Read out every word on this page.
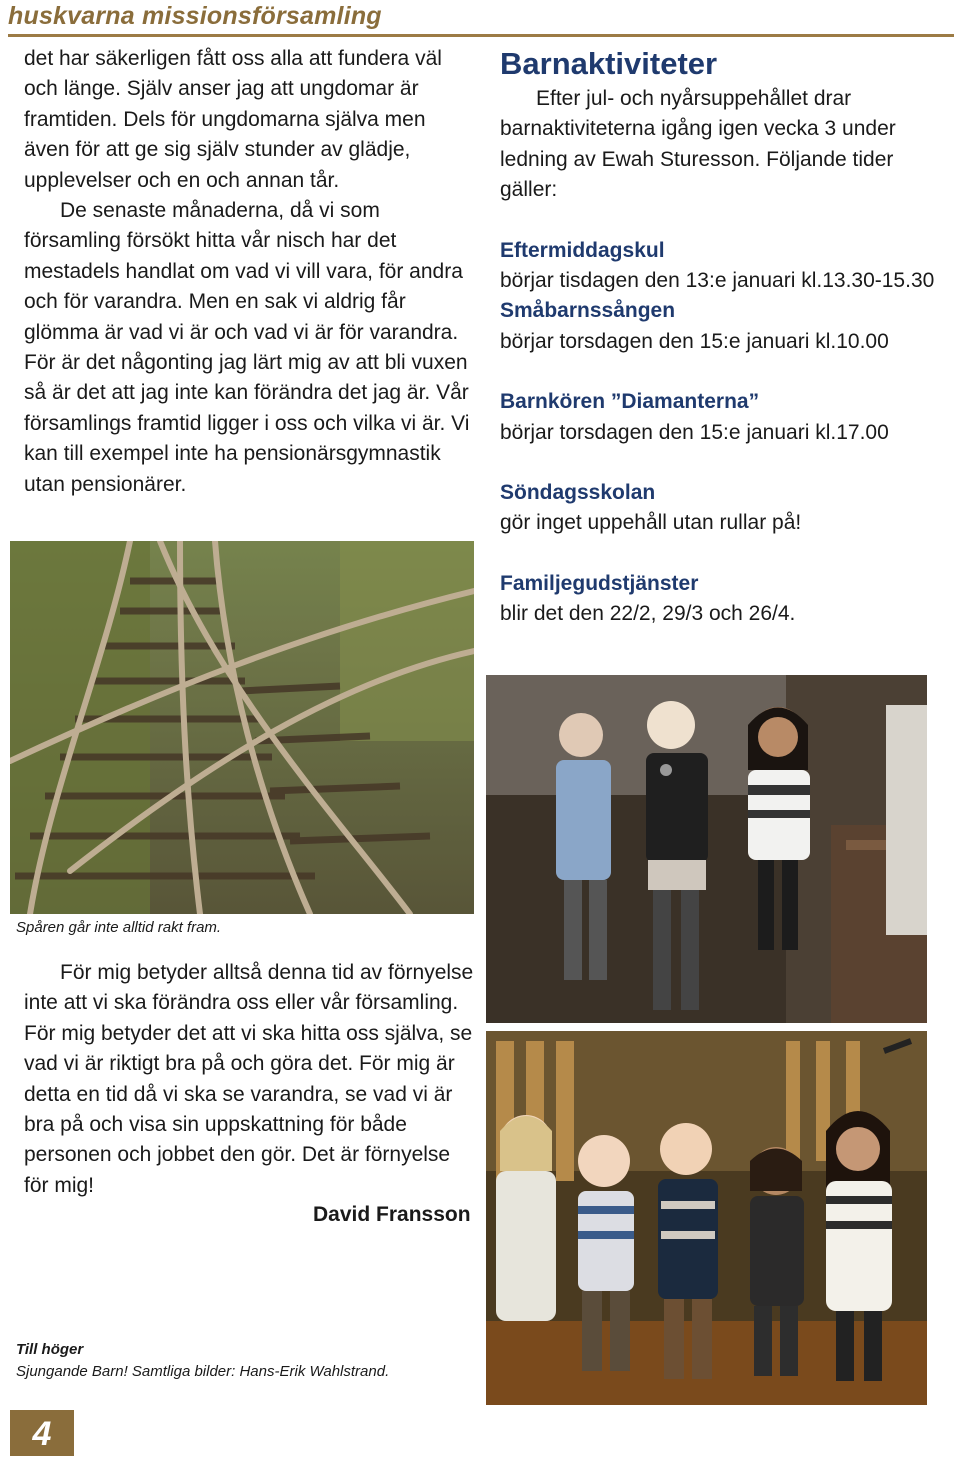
huskvarna missionsförsamling

det har säkerligen fått oss alla att fundera väl och länge. Själv anser jag att ungdomar är framtiden. Dels för ungdomarna själva men även för att ge sig själv stunder av glädje, upplevelser och en och annan tår.

De senaste månaderna, då vi som församling försökt hitta vår nisch har det mestadels handlat om vad vi vill vara, för andra och för varandra. Men en sak vi aldrig får glömma är vad vi är och vad vi är för varandra. För är det någonting jag lärt mig av att bli vuxen så är det att jag inte kan förändra det jag är. Vår församlings framtid ligger i oss och vilka vi är. Vi kan till exempel inte ha pensionärsgymnastik utan pensionärer.

Spåren går inte alltid rakt fram.

För mig betyder alltså denna tid av förnyelse inte att vi ska förändra oss eller vår församling. För mig betyder det att vi ska hitta oss själva, se vad vi är riktigt bra på och göra det. För mig är detta en tid då vi ska se varandra, se vad vi är bra på och visa sin uppskattning för både personen och jobbet den gör. Det är förnyelse för mig!

David Fransson
Till höger
Sjungande Barn! Samtliga bilder: Hans-Erik Wahlstrand.
4
Barnaktiviteter

Efter jul- och nyårsuppehållet drar barnaktiviteterna igång igen vecka 3 under ledning av Ewah Sturesson. Följande tider gäller:

Eftermiddagskul
börjar tisdagen den 13:e januari kl.13.30-15.30

Småbarnssången
börjar torsdagen den 15:e januari kl.10.00

Barnkören ”Diamanterna”
börjar torsdagen den 15:e januari kl.17.00

Söndagsskolan
gör inget uppehåll utan rullar på!

Familjegudstjänster
blir det den 22/2, 29/3 och 26/4.
